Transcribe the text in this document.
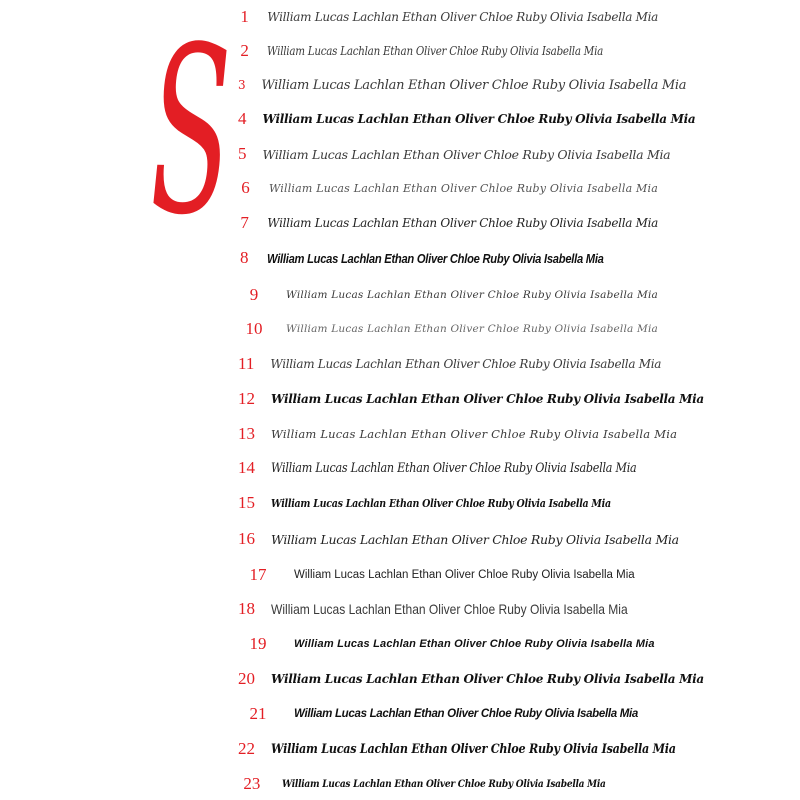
S 1 William Lucas Lachlan Ethan Oliver Chloe Ruby Olivia Isabella Mia
2 William Lucas Lachlan Ethan Oliver Chloe Ruby Olivia Isabella Mia
3 William Lucas Lachlan Ethan Oliver Chloe Ruby Olivia Isabella Mia
4 William Lucas Lachlan Ethan Oliver Chloe Ruby Olivia Isabella Mia
5 William Lucas Lachlan Ethan Oliver Chloe Ruby Olivia Isabella Mia
6 William Lucas Lachlan Ethan Oliver Chloe Ruby Olivia Isabella Mia
7 William Lucas Lachlan Ethan Oliver Chloe Ruby Olivia Isabella Mia
8 William Lucas Lachlan Ethan Oliver Chloe Ruby Olivia Isabella Mia
9	William Lucas Lachlan Ethan Oliver Chloe Ruby Olivia Isabella Mia
10	William Lucas Lachlan Ethan Oliver Chloe Ruby Olivia Isabella Mia
11 William Lucas Lachlan Ethan Oliver Chloe Ruby Olivia Isabella Mia
12 William Lucas Lachlan Ethan Oliver Chloe Ruby Olivia Isabella Mia
13 William Lucas Lachlan Ethan Oliver Chloe Ruby Olivia Isabella Mia
14 William Lucas Lachlan Ethan Oliver Chloe Ruby Olivia Isabella Mia
15 William Lucas Lachlan Ethan Oliver Chloe Ruby Olivia Isabella Mia
16 William Lucas Lachlan Ethan Oliver Chloe Ruby Olivia Isabella Mia
17	William Lucas Lachlan Ethan Oliver Chloe Ruby Olivia Isabella Mia
18 William Lucas Lachlan Ethan Oliver Chloe Ruby Olivia Isabella Mia
19	William Lucas Lachlan Ethan Oliver Chloe Ruby Olivia Isabella Mia
20 William Lucas Lachlan Ethan Oliver Chloe Ruby Olivia Isabella Mia
21	William Lucas Lachlan Ethan Oliver Chloe Ruby Olivia Isabella Mia
22 William Lucas Lachlan Ethan Oliver Chloe Ruby Olivia Isabella Mia
23	William Lucas Lachlan Ethan Oliver Chloe Ruby Olivia Isabella Mia
